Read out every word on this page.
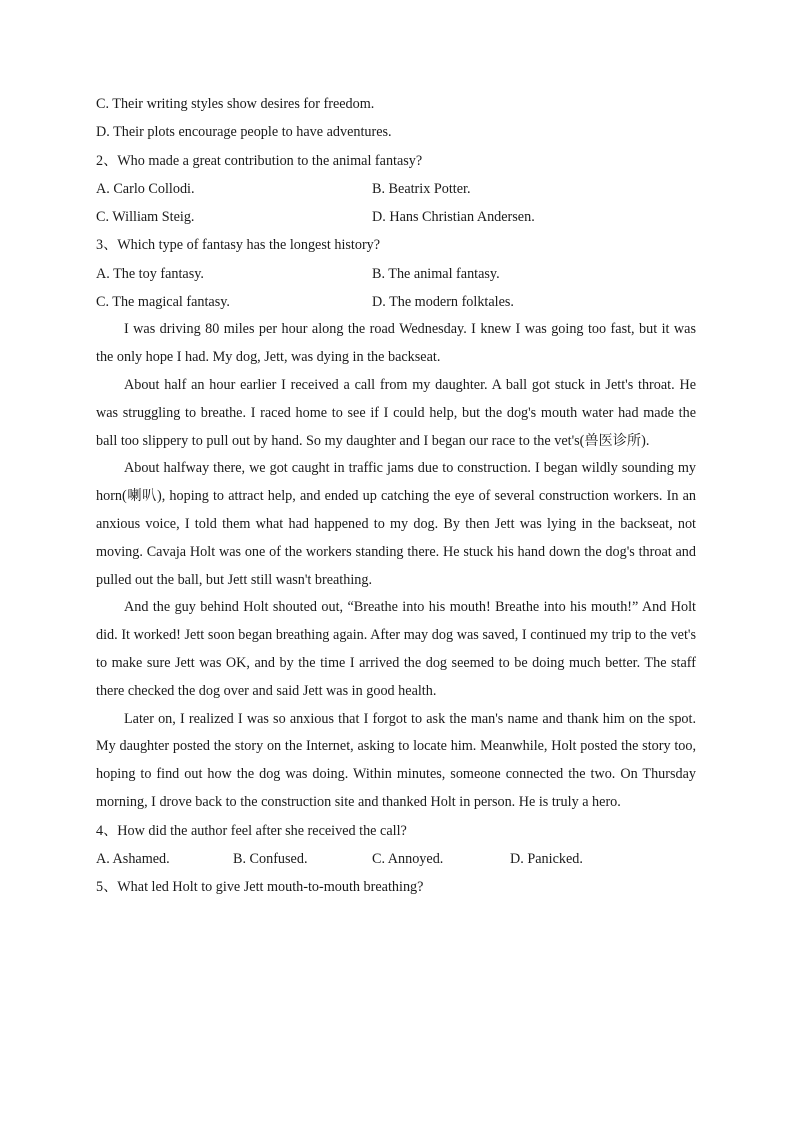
C. Their writing styles show desires for freedom.
D. Their plots encourage people to have adventures.
2、Who made a great contribution to the animal fantasy?
A. Carlo Collodi.	B. Beatrix Potter.
C. William Steig.	D. Hans Christian Andersen.
3、Which type of fantasy has the longest history?
A. The toy fantasy.	B. The animal fantasy.
C. The magical fantasy.	D. The modern folktales.

I was driving 80 miles per hour along the road Wednesday. I knew I was going too fast, but it was the only hope I had. My dog, Jett, was dying in the backseat.

About half an hour earlier I received a call from my daughter. A ball got stuck in Jett's throat. He was struggling to breathe. I raced home to see if I could help, but the dog's mouth water had made the ball too slippery to pull out by hand. So my daughter and I began our race to the vet's(兽医诊所).

About halfway there, we got caught in traffic jams due to construction. I began wildly sounding my horn(喇叭), hoping to attract help, and ended up catching the eye of several construction workers. In an anxious voice, I told them what had happened to my dog. By then Jett was lying in the backseat, not moving. Cavaja Holt was one of the workers standing there. He stuck his hand down the dog's throat and pulled out the ball, but Jett still wasn't breathing.

And the guy behind Holt shouted out, “Breathe into his mouth! Breathe into his mouth!” And Holt did. It worked! Jett soon began breathing again. After may dog was saved, I continued my trip to the vet's to make sure Jett was OK, and by the time I arrived the dog seemed to be doing much better. The staff there checked the dog over and said Jett was in good health.

Later on, I realized I was so anxious that I forgot to ask the man's name and thank him on the spot. My daughter posted the story on the Internet, asking to locate him. Meanwhile, Holt posted the story too, hoping to find out how the dog was doing. Within minutes, someone connected the two. On Thursday morning, I drove back to the construction site and thanked Holt in person. He is truly a hero.

4、How did the author feel after she received the call?
A. Ashamed.	B. Confused.	C. Annoyed.	D. Panicked.
5、What led Holt to give Jett mouth-to-mouth breathing?
